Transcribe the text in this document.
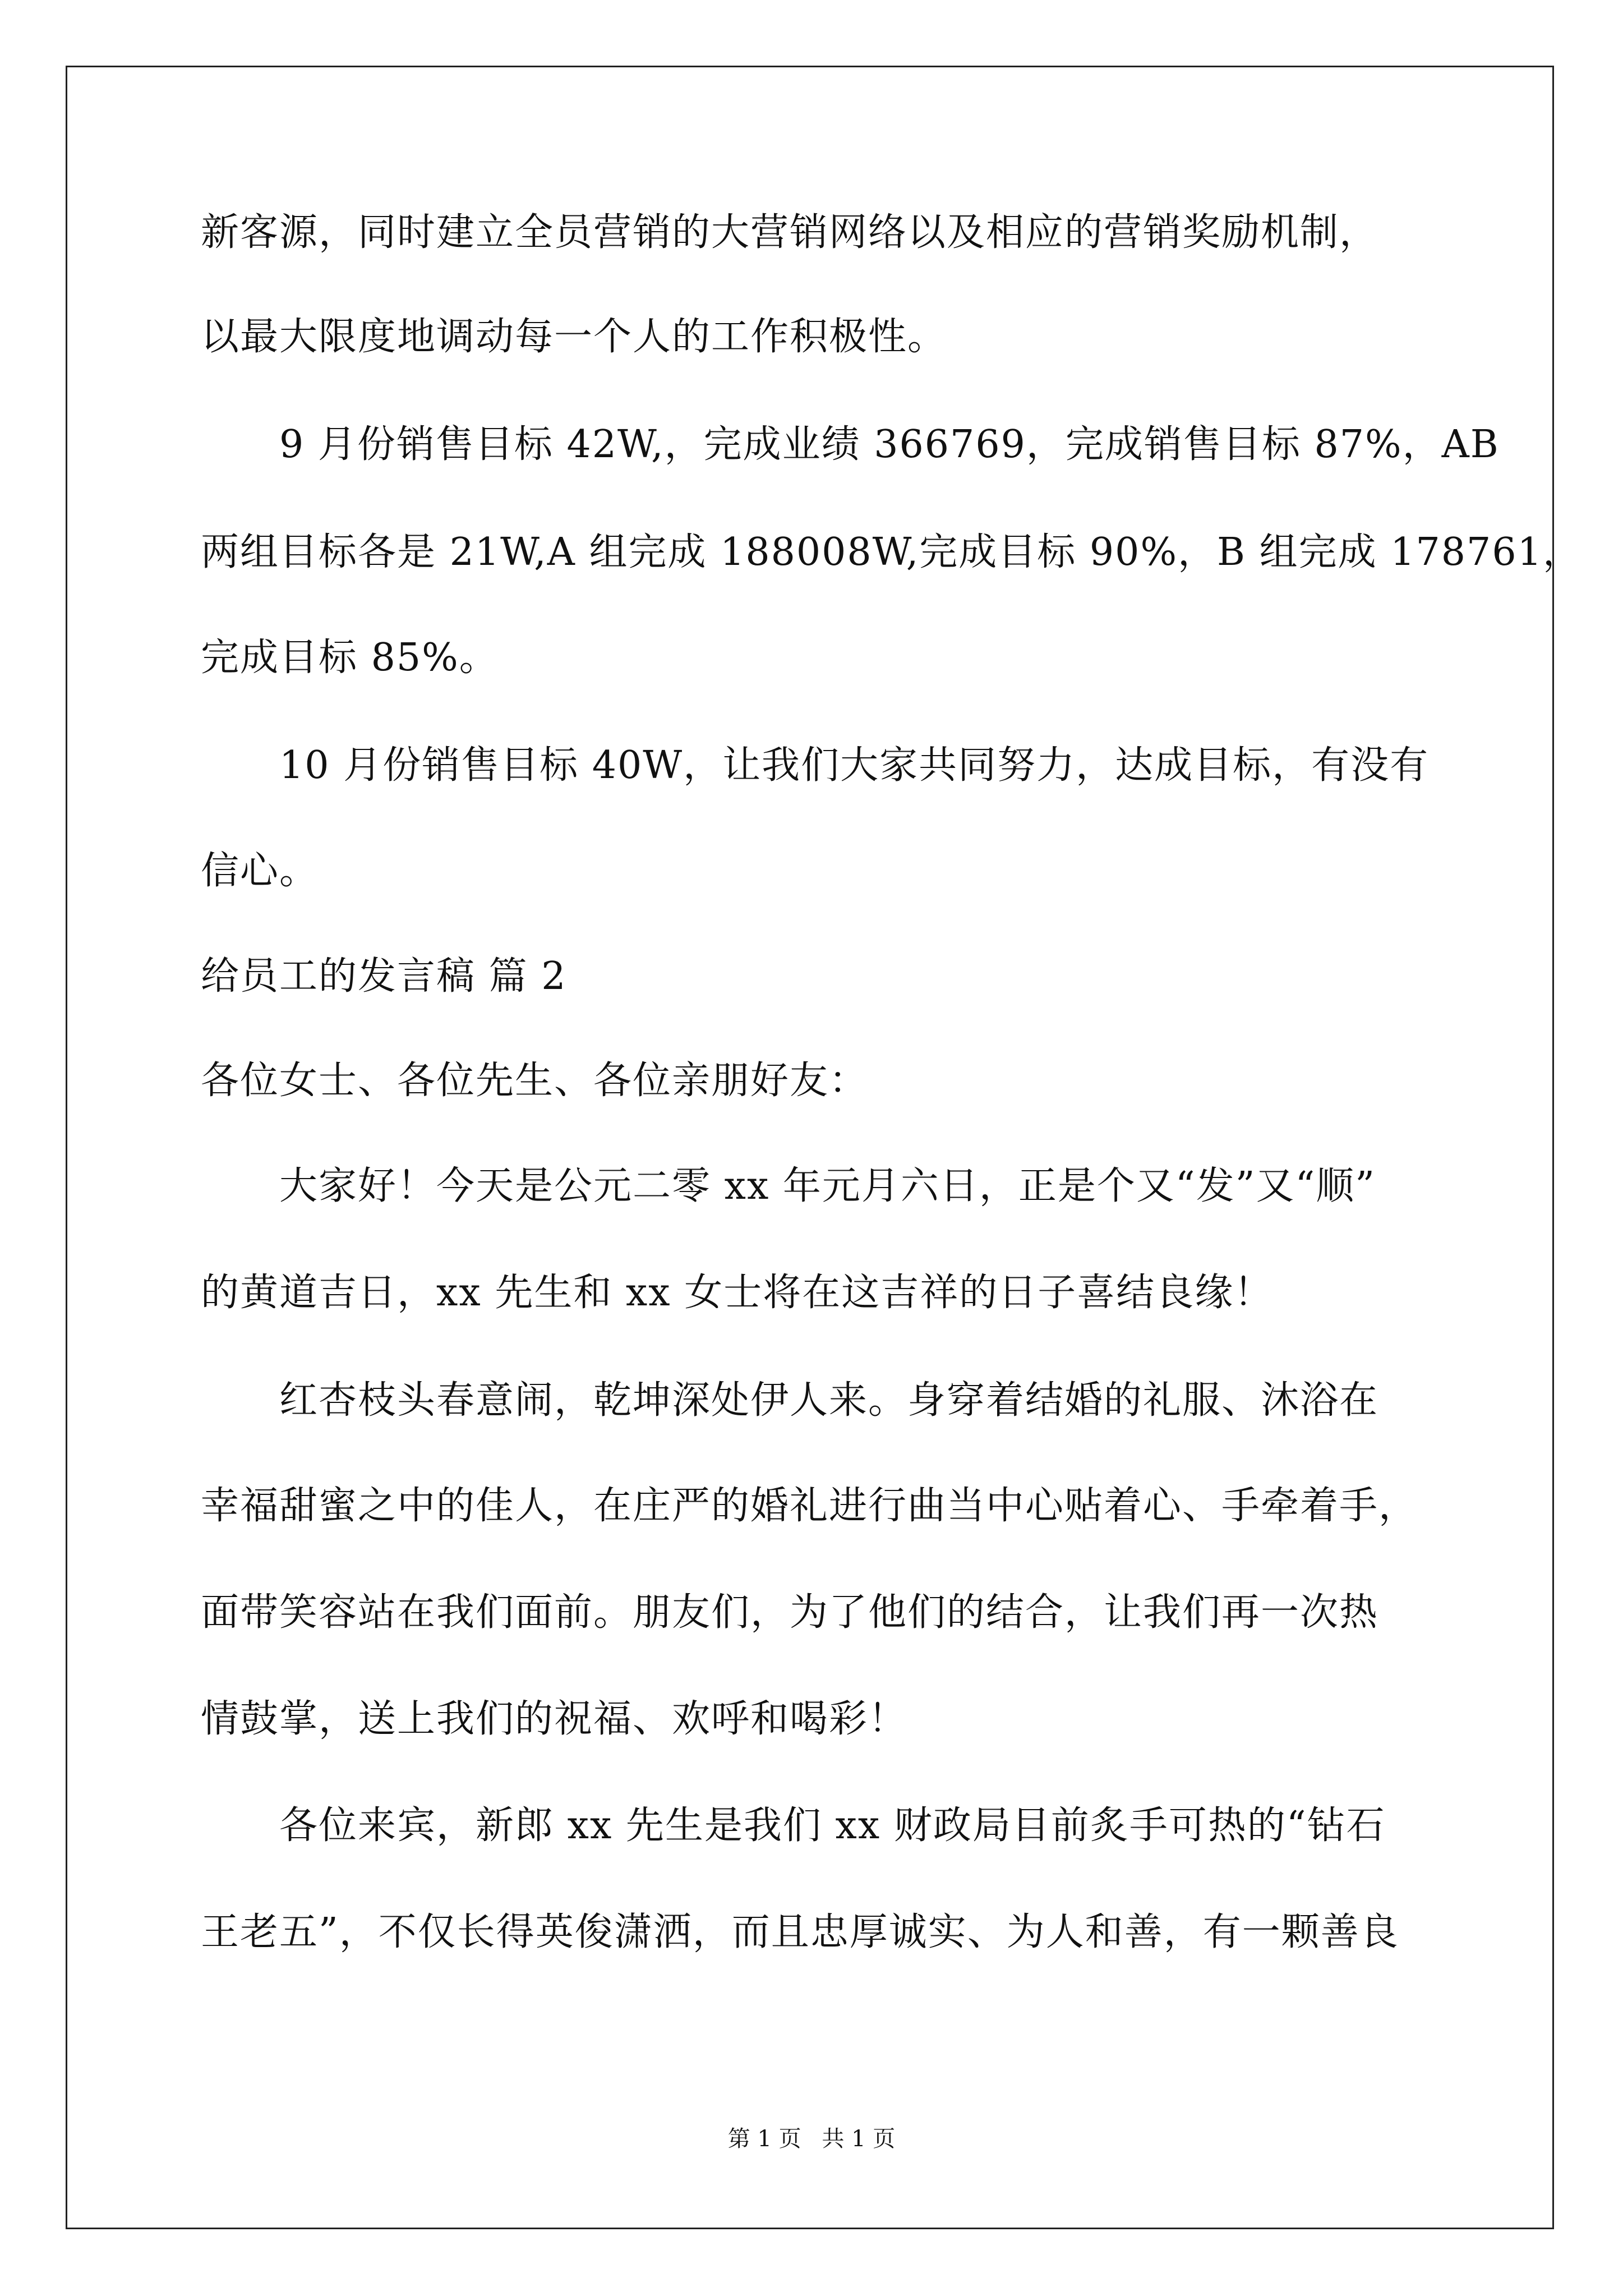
新客源，同时建立全员营销的大营销网络以及相应的营销奖励机制，
以最大限度地调动每一个人的工作积极性。
9 月份销售目标 42W,，完成业绩 366769，完成销售目标 87%，AB
两组目标各是 21W,A 组完成 188008W,完成目标 90%，B 组完成 178761，
完成目标 85%。
10 月份销售目标 40W，让我们大家共同努力，达成目标，有没有
信心。
给员工的发言稿 篇 2
各位女士、各位先生、各位亲朋好友：
大家好！今天是公元二零 xx 年元月六日，正是个又“发”又“顺”
的黄道吉日，xx 先生和 xx 女士将在这吉祥的日子喜结良缘！
红杏枝头春意闹，乾坤深处伊人来。身穿着结婚的礼服、沐浴在
幸福甜蜜之中的佳人，在庄严的婚礼进行曲当中心贴着心、手牵着手，
面带笑容站在我们面前。朋友们，为了他们的结合，让我们再一次热
情鼓掌，送上我们的祝福、欢呼和喝彩！
各位来宾，新郎 xx 先生是我们 xx 财政局目前炙手可热的“钻石
王老五”，不仅长得英俊潇洒，而且忠厚诚实、为人和善，有一颗善良
第 1 页 共 1 页
